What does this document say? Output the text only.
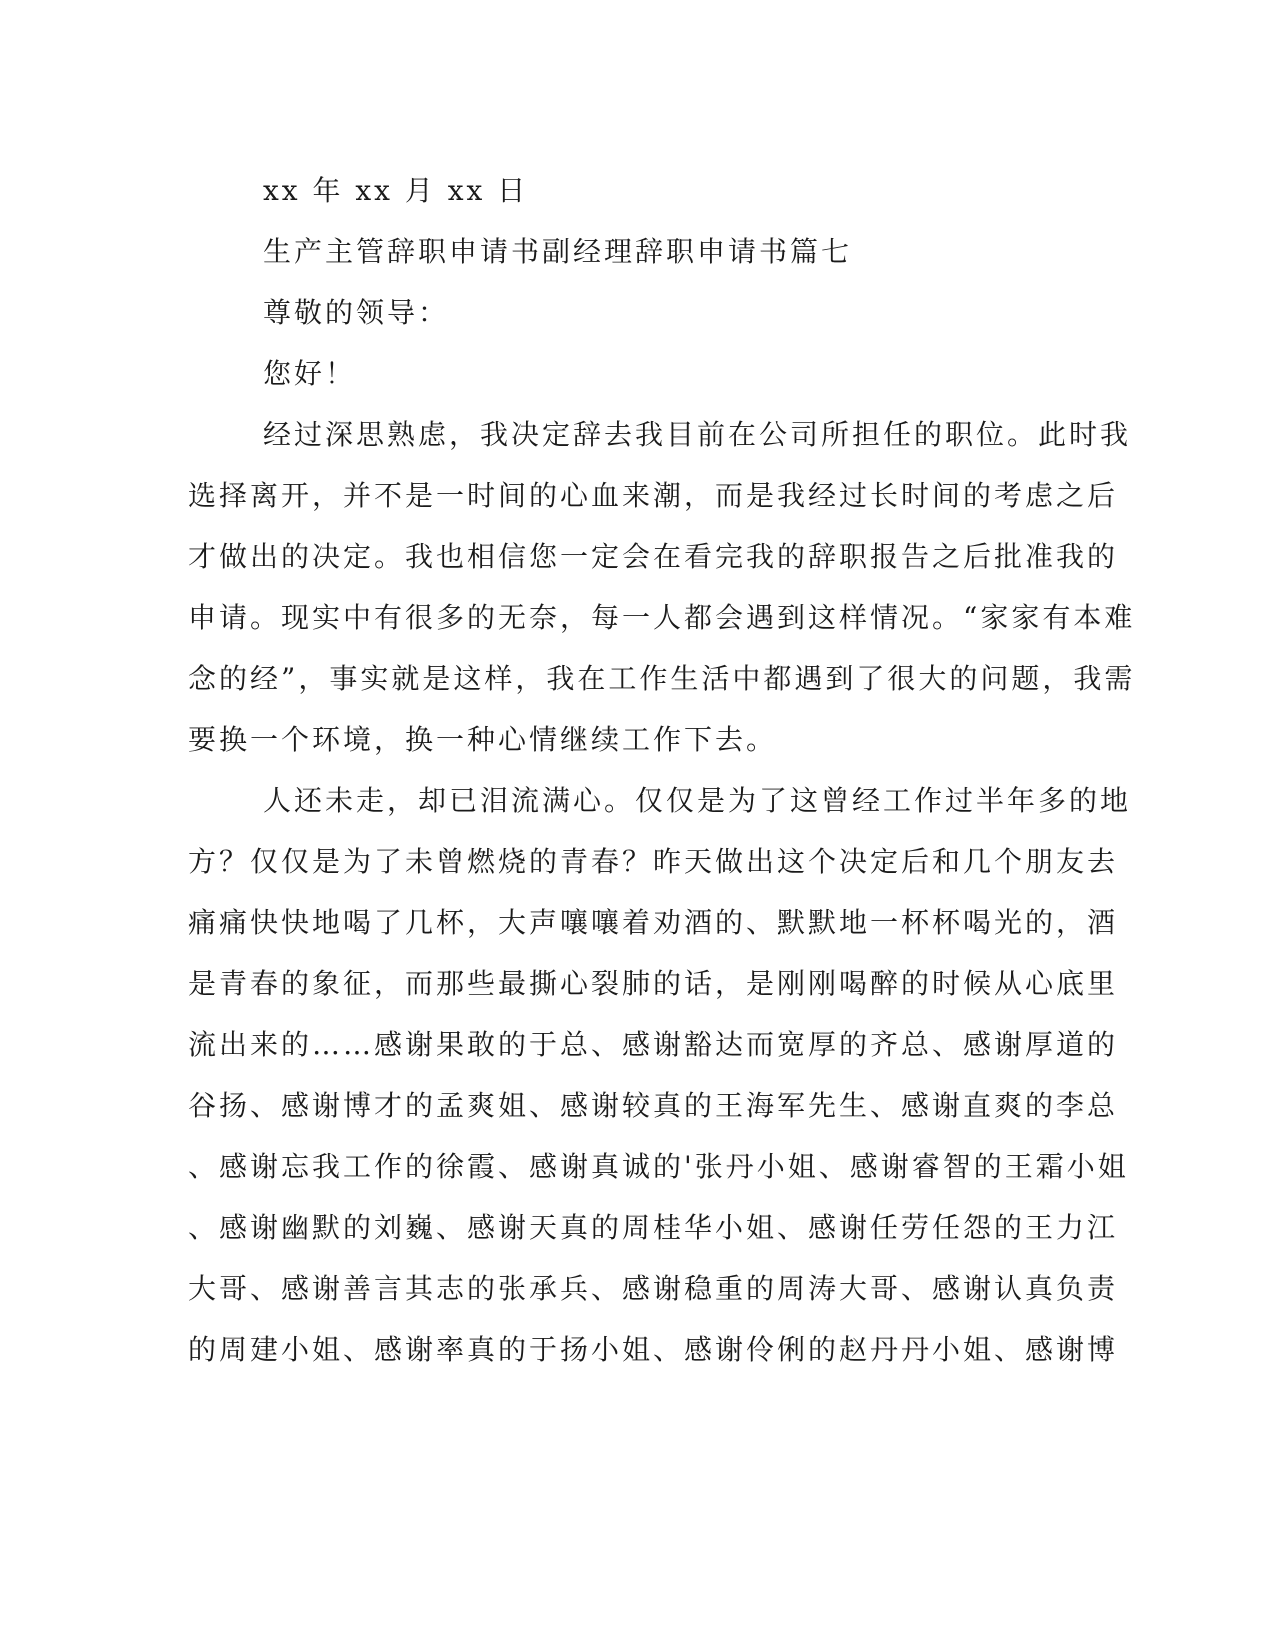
xx 年 xx 月 xx 日
生产主管辞职申请书副经理辞职申请书篇七
尊敬的领导：
您好！
经过深思熟虑，我决定辞去我目前在公司所担任的职位。此时我
选择离开，并不是一时间的心血来潮，而是我经过长时间的考虑之后
才做出的决定。我也相信您一定会在看完我的辞职报告之后批准我的
申请。现实中有很多的无奈，每一人都会遇到这样情况。“家家有本难
念的经”，事实就是这样，我在工作生活中都遇到了很大的问题，我需
要换一个环境，换一种心情继续工作下去。
人还未走，却已泪流满心。仅仅是为了这曾经工作过半年多的地
方？仅仅是为了未曾燃烧的青春？昨天做出这个决定后和几个朋友去
痛痛快快地喝了几杯，大声嚷嚷着劝酒的、默默地一杯杯喝光的，酒
是青春的象征，而那些最撕心裂肺的话，是刚刚喝醉的时候从心底里
流出来的……感谢果敢的于总、感谢豁达而宽厚的齐总、感谢厚道的
谷扬、感谢博才的孟爽姐、感谢较真的王海军先生、感谢直爽的李总
、感谢忘我工作的徐霞、感谢真诚的'张丹小姐、感谢睿智的王霜小姐
、感谢幽默的刘巍、感谢天真的周桂华小姐、感谢任劳任怨的王力江
大哥、感谢善言其志的张承兵、感谢稳重的周涛大哥、感谢认真负责
的周建小姐、感谢率真的于扬小姐、感谢伶俐的赵丹丹小姐、感谢博
